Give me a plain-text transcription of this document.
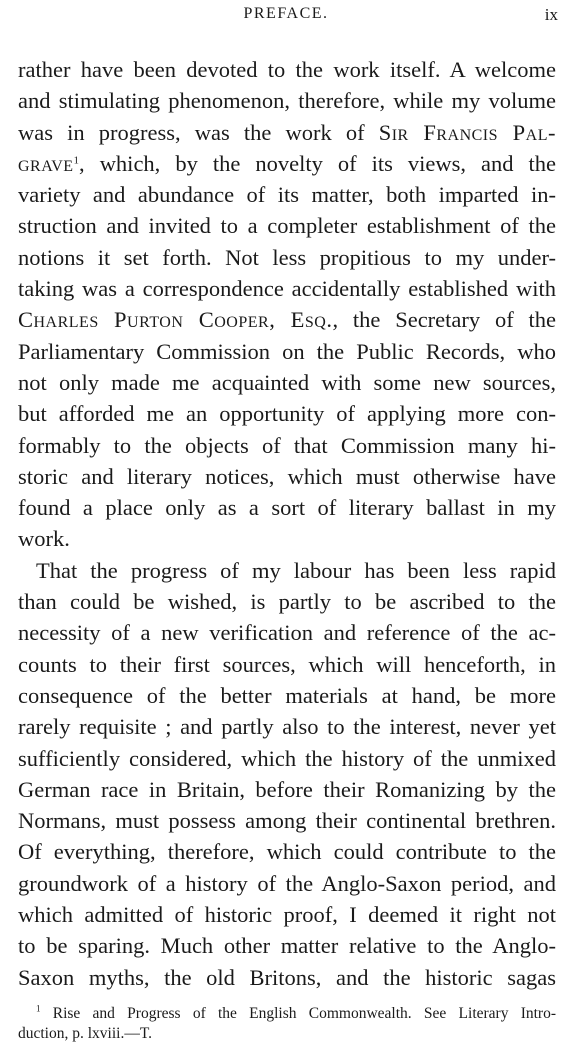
PREFACE.	ix
rather have been devoted to the work itself. A welcome
and stimulating phenomenon, therefore, while my volume
was in progress, was the work of Sir Francis Pal-
grave$^1$, which, by the novelty of its views, and the
variety and abundance of its matter, both imparted in-
struction and invited to a completer establishment of the
notions it set forth. Not less propitious to my under-
taking was a correspondence accidentally established with
Charles Purton Cooper, Esq., the Secretary of the
Parliamentary Commission on the Public Records, who
not only made me acquainted with some new sources,
but afforded me an opportunity of applying more con-
formably to the objects of that Commission many hi-
storic and literary notices, which must otherwise have
found a place only as a sort of literary ballast in my
work.
That the progress of my labour has been less rapid
than could be wished, is partly to be ascribed to the
necessity of a new verification and reference of the ac-
counts to their first sources, which will henceforth, in
consequence of the better materials at hand, be more
rarely requisite ; and partly also to the interest, never yet
sufficiently considered, which the history of the unmixed
German race in Britain, before their Romanizing by the
Normans, must possess among their continental brethren.
Of everything, therefore, which could contribute to the
groundwork of a history of the Anglo-Saxon period, and
which admitted of historic proof, I deemed it right not
to be sparing. Much other matter relative to the Anglo-
Saxon myths, the old Britons, and the historic sagas
$^1$ Rise and Progress of the English Commonwealth. See Literary Intro-
duction, p. lxviii.—T.
